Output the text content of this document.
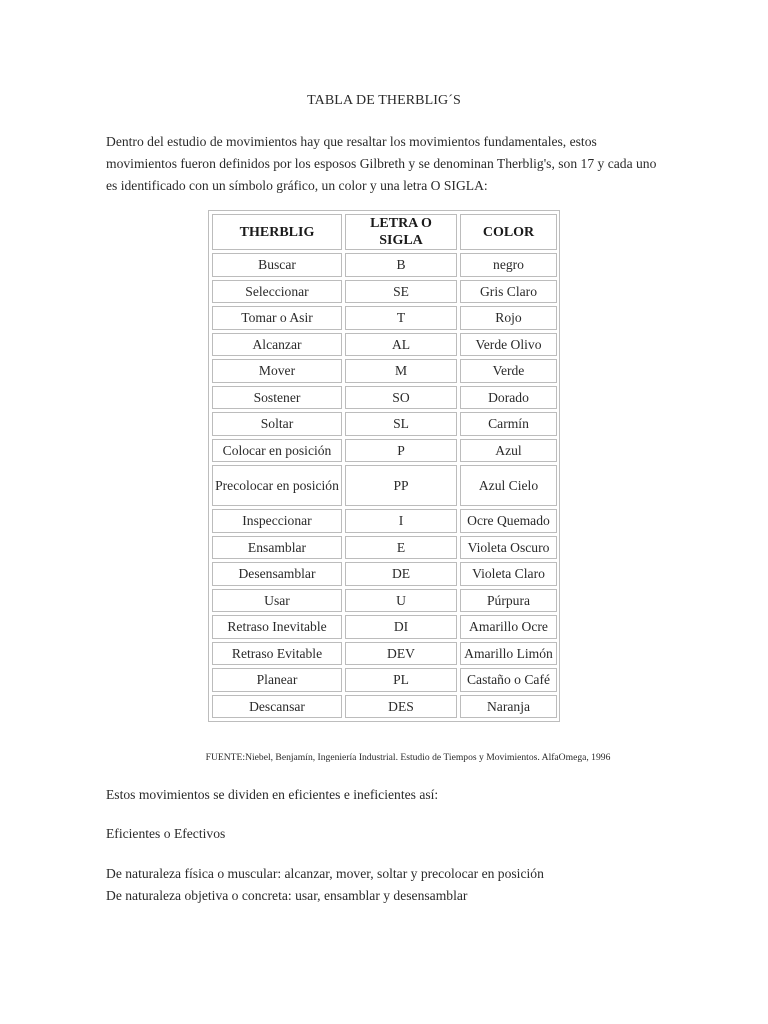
TABLA DE THERBLIG´S

Dentro del estudio de movimientos hay que resaltar los movimientos fundamentales, estos movimientos fueron definidos por los esposos Gilbreth y se denominan Therblig's, son 17 y cada uno es identificado con un símbolo gráfico, un color y una letra O SIGLA:

THERBLIG	LETRA O SIGLA	COLOR
Buscar	B	negro
Seleccionar	SE	Gris Claro
Tomar o Asir	T	Rojo
Alcanzar	AL	Verde Olivo
Mover	M	Verde
Sostener	SO	Dorado
Soltar	SL	Carmín
Colocar en posición	P	Azul
Precolocar en posición	PP	Azul Cielo
Inspeccionar	I	Ocre Quemado
Ensamblar	E	Violeta Oscuro
Desensamblar	DE	Violeta Claro
Usar	U	Púrpura
Retraso Inevitable	DI	Amarillo Ocre
Retraso Evitable	DEV	Amarillo Limón
Planear	PL	Castaño o Café
Descansar	DES	Naranja
FUENTE:Niebel, Benjamín, Ingeniería Industrial. Estudio de Tiempos y Movimientos. AlfaOmega, 1996

Estos movimientos se dividen en eficientes e ineficientes así:

Eficientes o Efectivos

De naturaleza física o muscular: alcanzar, mover, soltar y precolocar en posición

De naturaleza objetiva o concreta: usar, ensamblar y desensamblar
